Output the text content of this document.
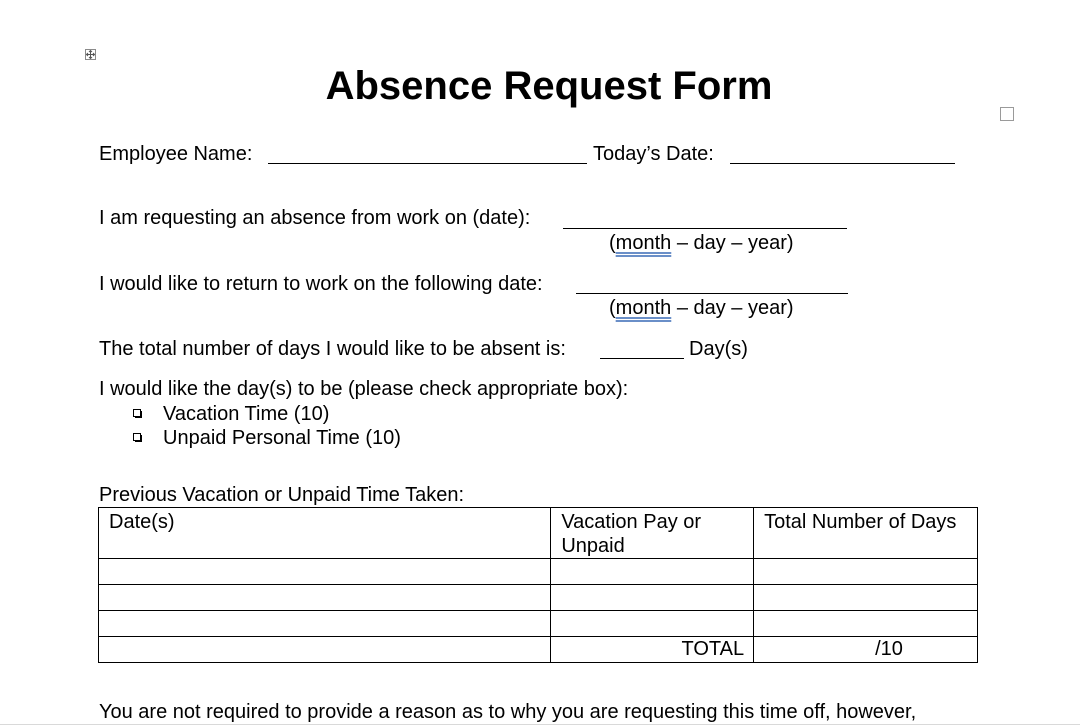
Absence Request Form
Employee Name:	Today’s Date:
I am requesting an absence from work on (date):
(month – day – year)
I would like to return to work on the following date:
(month – day – year)
The total number of days I would like to be absent is:	Day(s)
I would like the day(s) to be (please check appropriate box):
Vacation Time (10)
Unpaid Personal Time (10)
Previous Vacation or Unpaid Time Taken:
Date(s)	Vacation Pay or Unpaid	Total Number of Days

	TOTAL	/10
You are not required to provide a reason as to why you are requesting this time off, however,
